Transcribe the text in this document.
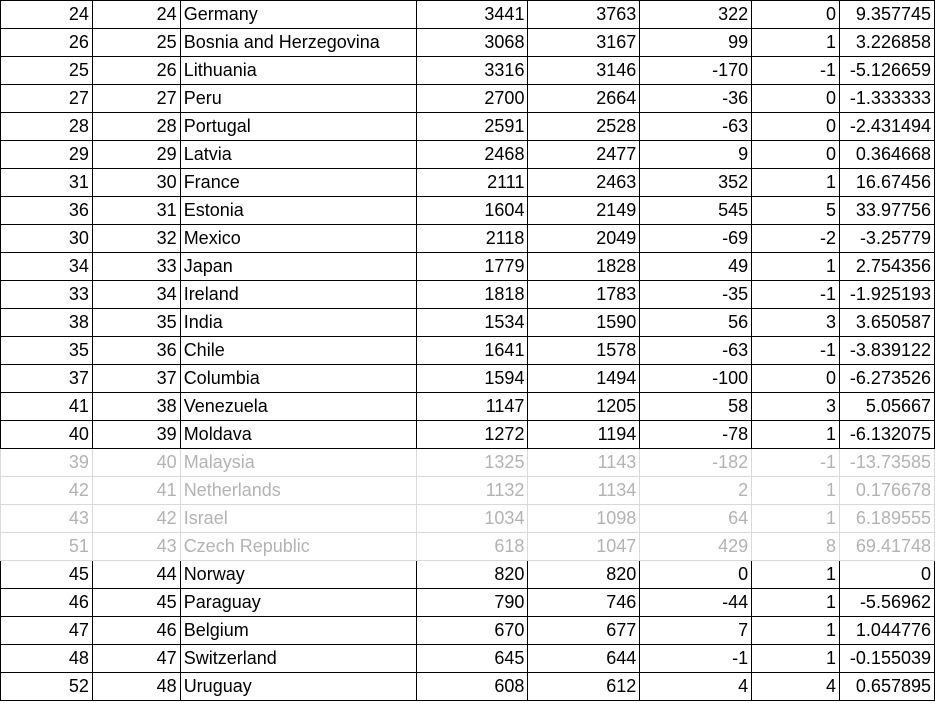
24	24	Germany	3441	3763	322	0	9.357745
26	25	Bosnia and Herzegovina	3068	3167	99	1	3.226858
25	26	Lithuania	3316	3146	-170	-1	-5.126659
27	27	Peru	2700	2664	-36	0	-1.333333
28	28	Portugal	2591	2528	-63	0	-2.431494
29	29	Latvia	2468	2477	9	0	0.364668
31	30	France	2111	2463	352	1	16.67456
36	31	Estonia	1604	2149	545	5	33.97756
30	32	Mexico	2118	2049	-69	-2	-3.25779
34	33	Japan	1779	1828	49	1	2.754356
33	34	Ireland	1818	1783	-35	-1	-1.925193
38	35	India	1534	1590	56	3	3.650587
35	36	Chile	1641	1578	-63	-1	-3.839122
37	37	Columbia	1594	1494	-100	0	-6.273526
41	38	Venezuela	1147	1205	58	3	5.05667
40	39	Moldava	1272	1194	-78	1	-6.132075
39	40	Malaysia	1325	1143	-182	-1	-13.73585
42	41	Netherlands	1132	1134	2	1	0.176678
43	42	Israel	1034	1098	64	1	6.189555
51	43	Czech Republic	618	1047	429	8	69.41748
45	44	Norway	820	820	0	1	0
46	45	Paraguay	790	746	-44	1	-5.56962
47	46	Belgium	670	677	7	1	1.044776
48	47	Switzerland	645	644	-1	1	-0.155039
52	48	Uruguay	608	612	4	4	0.657895
